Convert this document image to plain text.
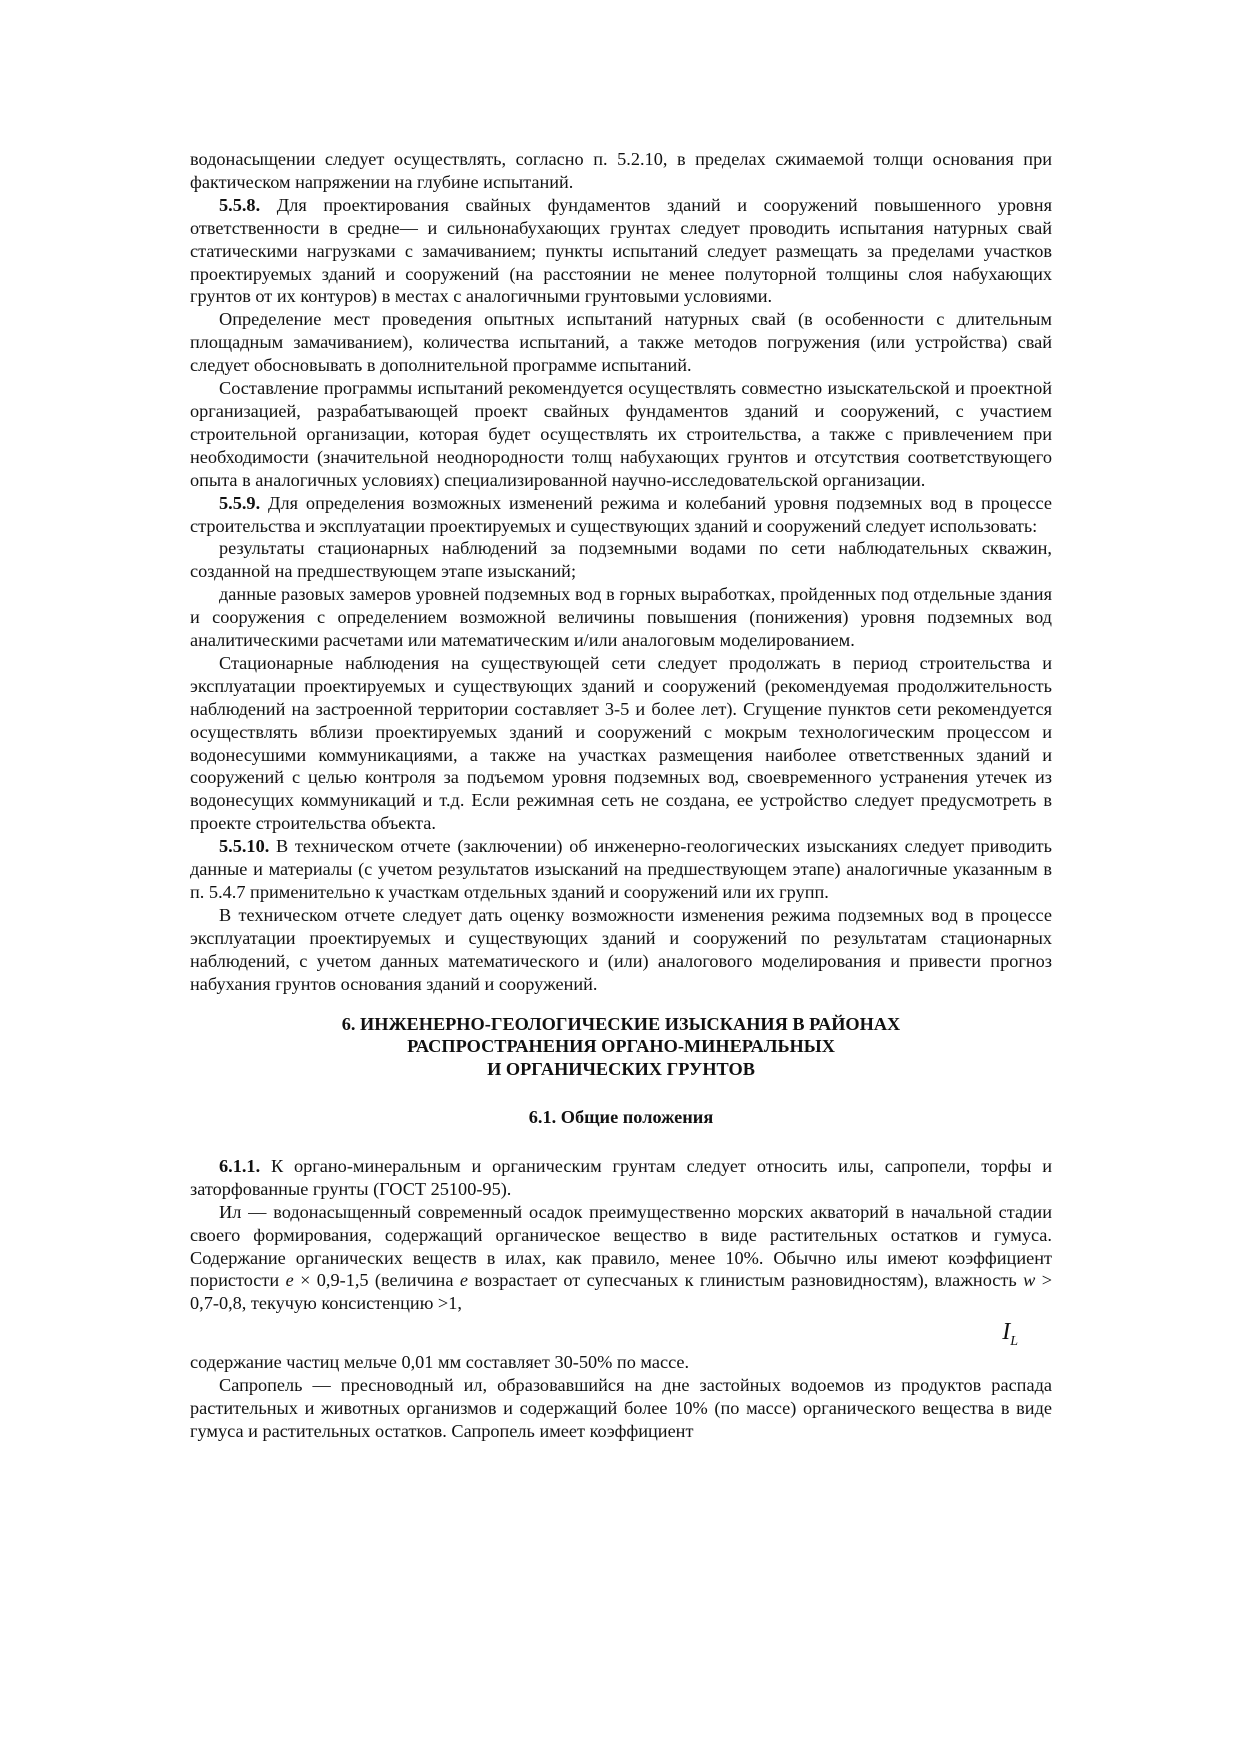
водонасыщении следует осуществлять, согласно п. 5.2.10, в пределах сжимаемой толщи основания при фактическом напряжении на глубине испытаний.

5.5.8. Для проектирования свайных фундаментов зданий и сооружений повышенного уровня ответственности в средне— и сильнонабухающих грунтах следует проводить испытания натурных свай статическими нагрузками с замачиванием; пункты испытаний следует размещать за пределами участков проектируемых зданий и сооружений (на расстоянии не менее полуторной толщины слоя набухающих грунтов от их контуров) в местах с аналогичными грунтовыми условиями.

Определение мест проведения опытных испытаний натурных свай (в особенности с длительным площадным замачиванием), количества испытаний, а также методов погружения (или устройства) свай следует обосновывать в дополнительной программе испытаний.

Составление программы испытаний рекомендуется осуществлять совместно изыскательской и проектной организацией, разрабатывающей проект свайных фундаментов зданий и сооружений, с участием строительной организации, которая будет осуществлять их строительства, а также с привлечением при необходимости (значительной неоднородности толщ набухающих грунтов и отсутствия соответствующего опыта в аналогичных условиях) специализированной научно-исследовательской организации.

5.5.9. Для определения возможных изменений режима и колебаний уровня подземных вод в процессе строительства и эксплуатации проектируемых и существующих зданий и сооружений следует использовать:

результаты стационарных наблюдений за подземными водами по сети наблюдательных скважин, созданной на предшествующем этапе изысканий;

данные разовых замеров уровней подземных вод в горных выработках, пройденных под отдельные здания и сооружения с определением возможной величины повышения (понижения) уровня подземных вод аналитическими расчетами или математическим и/или аналоговым моделированием.

Стационарные наблюдения на существующей сети следует продолжать в период строительства и эксплуатации проектируемых и существующих зданий и сооружений (рекомендуемая продолжительность наблюдений на застроенной территории составляет 3-5 и более лет). Сгущение пунктов сети рекомендуется осуществлять вблизи проектируемых зданий и сооружений с мокрым технологическим процессом и водонесушими коммуникациями, а также на участках размещения наиболее ответственных зданий и сооружений с целью контроля за подъемом уровня подземных вод, своевременного устранения утечек из водонесущих коммуникаций и т.д. Если режимная сеть не создана, ее устройство следует предусмотреть в проекте строительства объекта.

5.5.10. В техническом отчете (заключении) об инженерно-геологических изысканиях следует приводить данные и материалы (с учетом результатов изысканий на предшествующем этапе) аналогичные указанным в п. 5.4.7 применительно к участкам отдельных зданий и сооружений или их групп.

В техническом отчете следует дать оценку возможности изменения режима подземных вод в процессе эксплуатации проектируемых и существующих зданий и сооружений по результатам стационарных наблюдений, с учетом данных математического и (или) аналогового моделирования и привести прогноз набухания грунтов основания зданий и сооружений.

6. ИНЖЕНЕРНО-ГЕОЛОГИЧЕСКИЕ ИЗЫСКАНИЯ В РАЙОНАХ
РАСПРОСТРАНЕНИЯ ОРГАНО-МИНЕРАЛЬНЫХ
И ОРГАНИЧЕСКИХ ГРУНТОВ
6.1. Общие положения

6.1.1. К органо-минеральным и органическим грунтам следует относить илы, сапропели, торфы и заторфованные грунты (ГОСТ 25100-95).

Ил — водонасыщенный современный осадок преимущественно морских акваторий в начальной стадии своего формирования, содержащий органическое вещество в виде растительных остатков и гумуса. Содержание органических веществ в илах, как правило, менее 10%. Обычно илы имеют коэффициент пористости e × 0,9-1,5 (величина e возрастает от супесчаных к глинистым разновидностям), влажность w > 0,7-0,8, текучую консистенцию >1,

$I_L$

содержание частиц мельче 0,01 мм составляет 30-50% по массе.

Сапропель — пресноводный ил, образовавшийся на дне застойных водоемов из продуктов распада растительных и животных организмов и содержащий более 10% (по массе) органического вещества в виде гумуса и растительных остатков. Сапропель имеет коэффициент
